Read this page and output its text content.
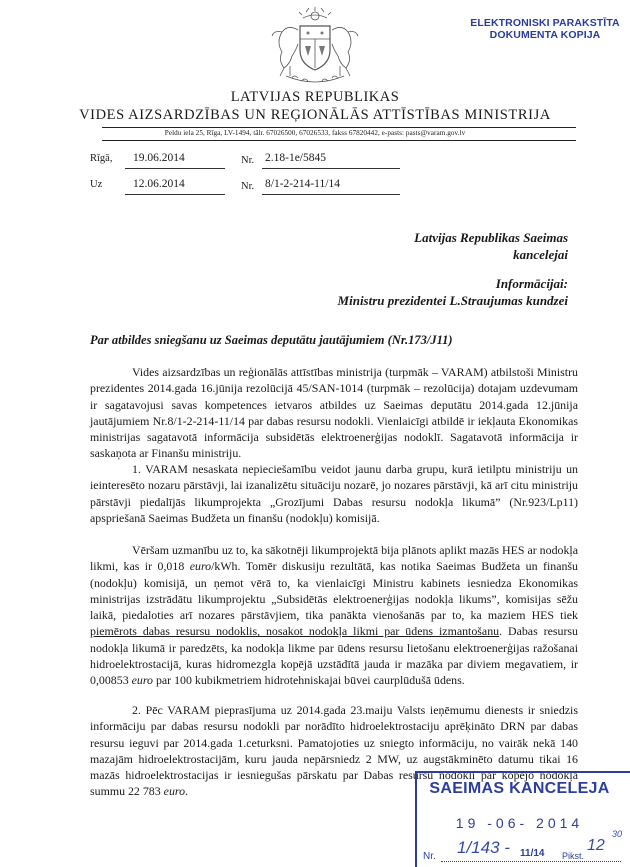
ELEKTRONISKI PARAKSTĪTA
DOKUMENTA KOPIJA
LATVIJAS REPUBLIKAS
VIDES AIZSARDZĪBAS UN REĢIONĀLĀS ATTĪSTĪBAS MINISTRIJA
Peldu iela 25, Rīga, LV-1494, tālr. 67026500, 67026533, fakss 67820442, e-pasts: pasts@varam.gov.lv
Rīgā, 19.06.2014	Nr. 2.18-1e/5845
Uz	12.06.2014	Nr. 8/1-2-214-11/14
Latvijas Republikas Saeimas
kancelejai
Informācijai:
Ministru prezidentei L.Straujumas kundzei
Par atbildes sniegšanu uz Saeimas deputātu jautājumiem (Nr.173/J11)

Vides aizsardzības un reģionālās attīstības ministrija (turpmāk – VARAM) atbilstoši Ministru prezidentes 2014.gada 16.jūnija rezolūcijā 45/SAN-1014 (turpmāk – rezolūcija) dotajam uzdevumam ir sagatavojusi savas kompetences ietvaros atbildes uz Saeimas deputātu 2014.gada 12.jūnija jautājumiem Nr.8/1-2-214-11/14 par dabas resursu nodokli. Vienlaicīgi atbildē ir iekļauta Ekonomikas ministrijas sagatavotā informācija subsidētās elektroenerģijas nodoklī. Sagatavotā informācija ir saskaņota ar Finanšu ministriju.

1. VARAM nesaskata nepieciešamību veidot jaunu darba grupu, kurā ietilptu ministriju un ieinteresēto nozaru pārstāvji, lai izanalizētu situāciju nozarē, jo nozares pārstāvji, kā arī citu ministriju pārstāvji piedalījās likumprojekta „Grozījumi Dabas resursu nodokļa likumā” (Nr.923/Lp11) apspriešanā Saeimas Budžeta un finanšu (nodokļu) komisijā.

Vēršam uzmanību uz to, ka sākotnēji likumprojektā bija plānots aplikt mazās HES ar nodokļa likmi, kas ir 0,018 euro/kWh. Tomēr diskusiju rezultātā, kas notika Saeimas Budžeta un finanšu (nodokļu) komisijā, un ņemot vērā to, ka vienlaicīgi Ministru kabinets iesniedza Ekonomikas ministrijas izstrādātu likumprojektu „Subsidētās elektroenerģijas nodokļa likums”, komisijas sēžu laikā, piedaloties arī nozares pārstāvjiem, tika panākta vienošanās par to, ka maziem HES tiek piemērots dabas resursu nodoklis, nosakot nodokļa likmi par ūdens izmantošanu. Dabas resursu nodokļa likumā ir paredzēts, ka nodokļa likme par ūdens resursu lietošanu elektroenerģijas ražošanai hidroelektrostacijā, kuras hidromezgla kopējā uzstādītā jauda ir mazāka par diviem megavatiem, ir 0,00853 euro par 100 kubikmetriem hidrotehniskajai būvei caurplūdušā ūdens.

2. Pēc VARAM pieprasījuma uz 2014.gada 23.maiju Valsts ieņēmumu dienests ir sniedzis informāciju par dabas resursu nodokli par norādīto hidroelektrostaciju aprēķināto DRN par dabas resursu ieguvi par 2014.gada 1.ceturksni. Pamatojoties uz sniegto informāciju, no vairāk nekā 140 mazajām hidroelektrostacijām, kuru jauda nepārsniedz 2 MW, uz augstākminēto datumu tikai 16 mazās hidroelektrostacijas ir iesniegušas pārskatu par Dabas resursu nodokli par kopējo nodokļa summu 22 783 euro.	SAEIMAS KANCELEJA
19 -06- 2014
Nr. 1/143 - 11/14 Pikst.
12
30
